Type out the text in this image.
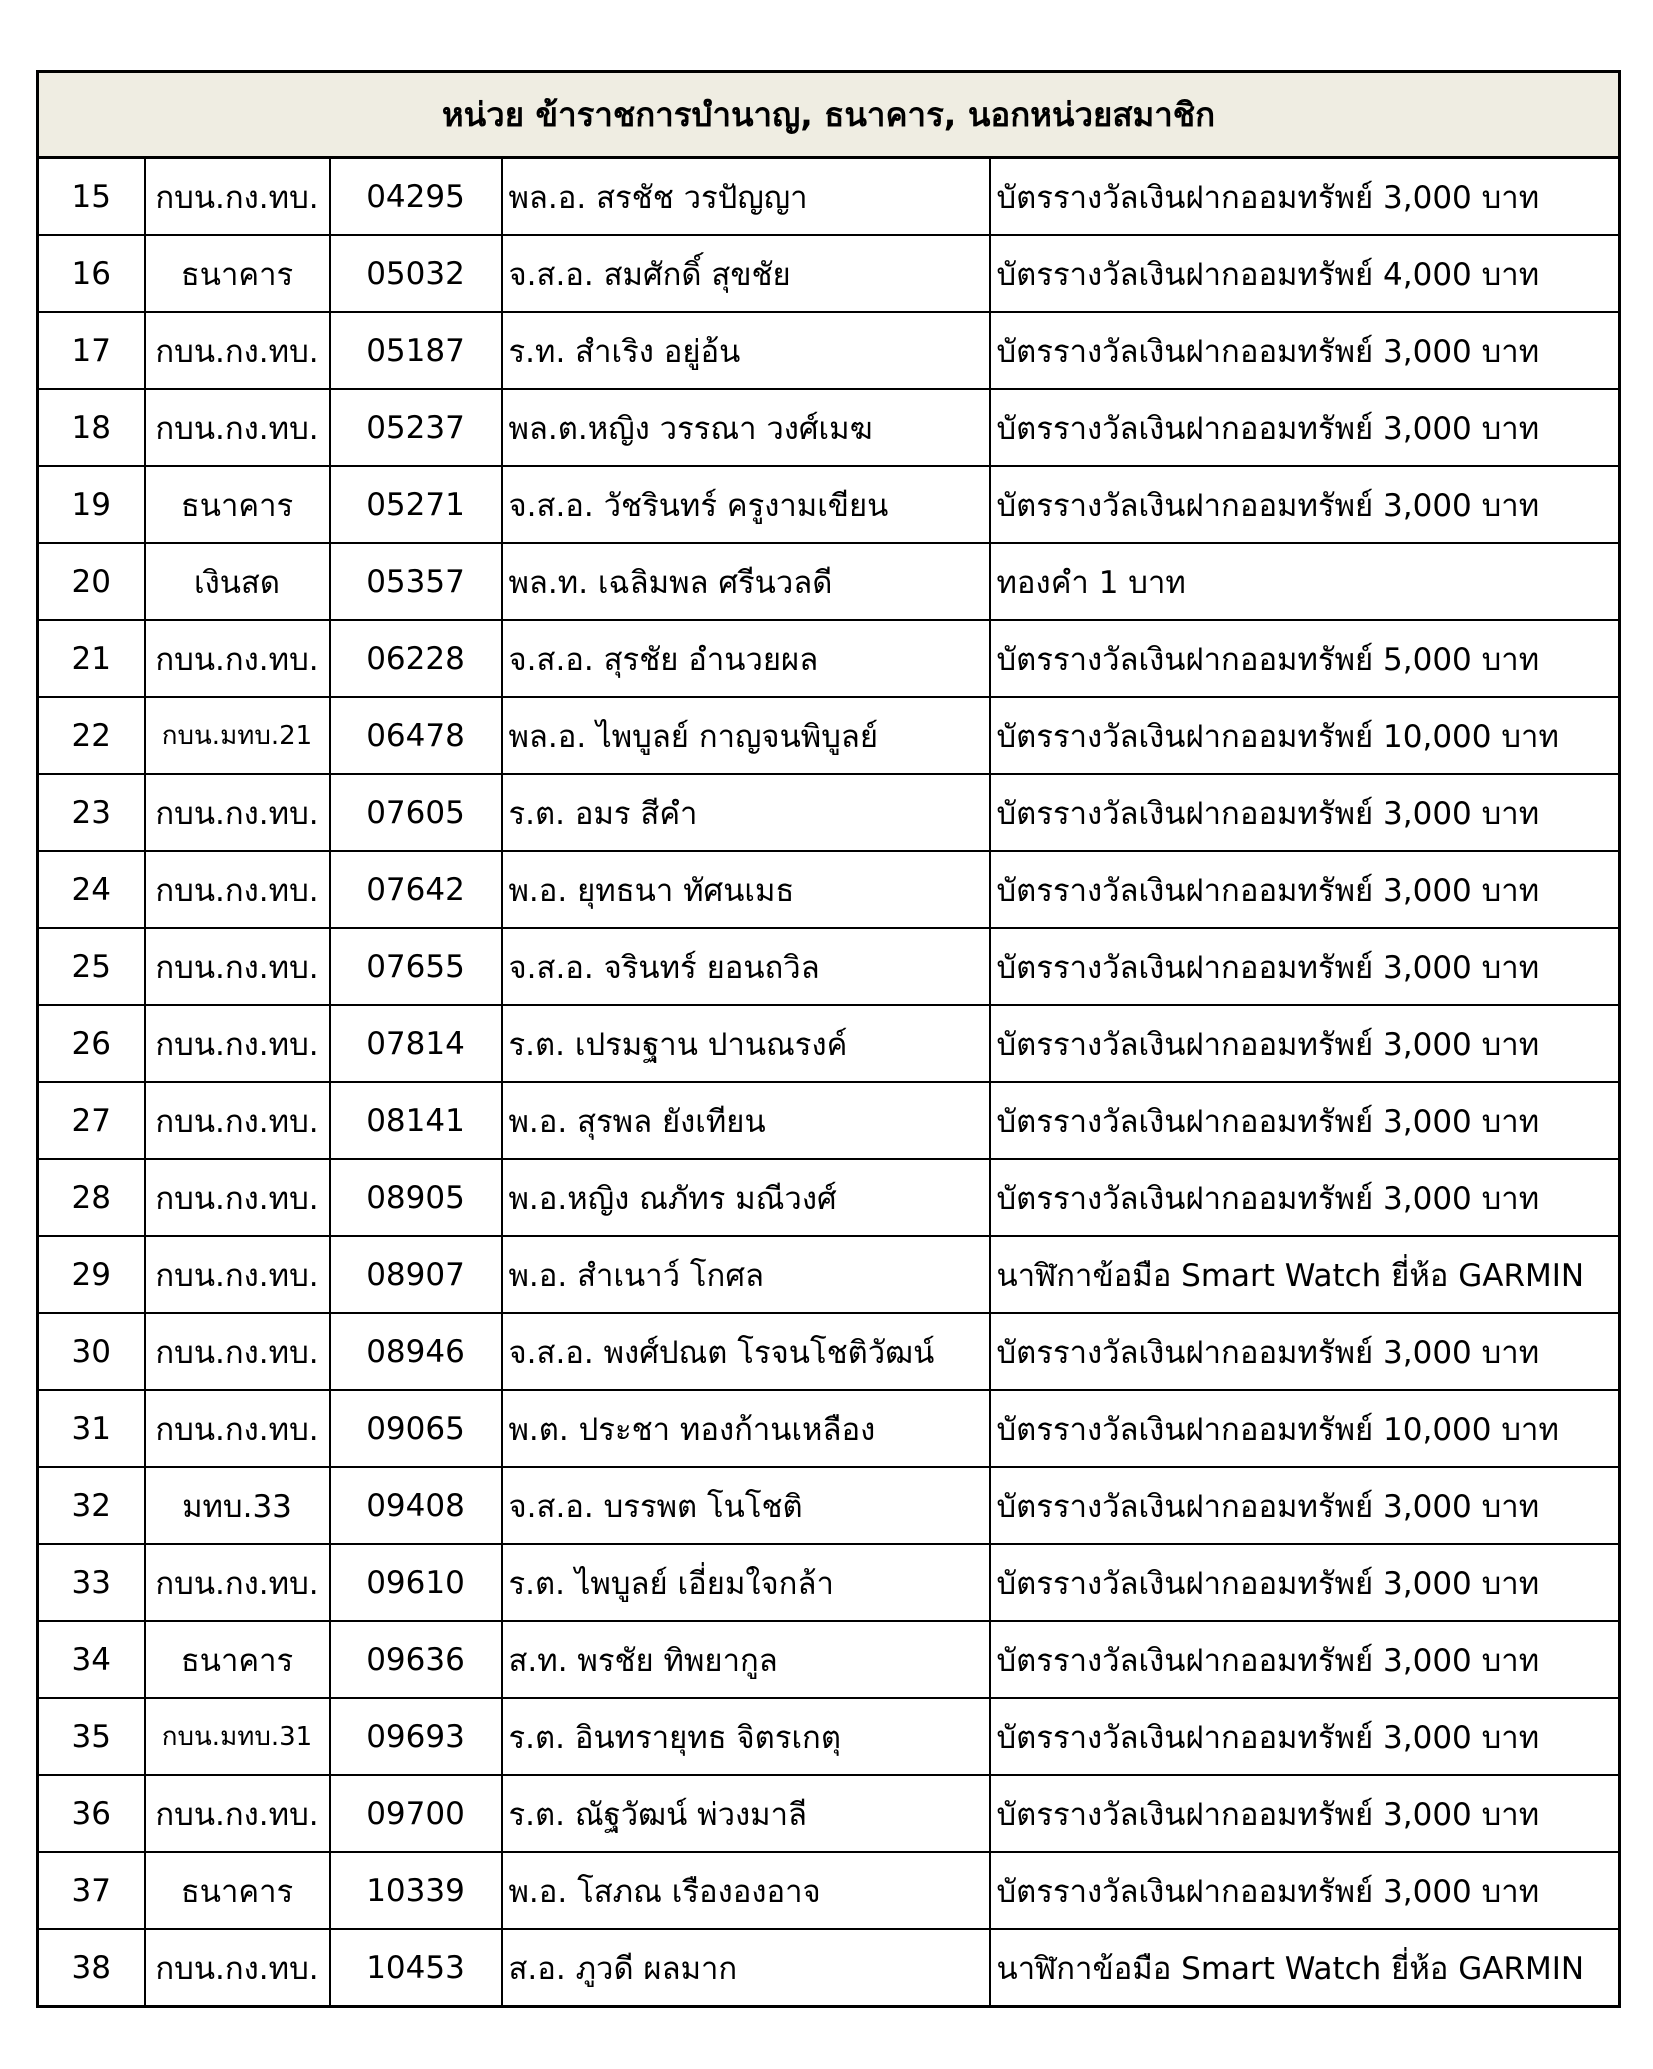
หน่วย ข้าราชการบำนาญ, ธนาคาร, นอกหน่วยสมาชิก				
15	กบน.กง.ทบ.	04295	พล.อ. สรชัช วรปัญญา	บัตรรางวัลเงินฝากออมทรัพย์ 3,000 บาท
16	ธนาคาร	05032	จ.ส.อ. สมศักดิ์ สุขชัย	บัตรรางวัลเงินฝากออมทรัพย์ 4,000 บาท
17	กบน.กง.ทบ.	05187	ร.ท. สำเริง อยู่อ้น	บัตรรางวัลเงินฝากออมทรัพย์ 3,000 บาท
18	กบน.กง.ทบ.	05237	พล.ต.หญิง วรรณา วงศ์เมฆ	บัตรรางวัลเงินฝากออมทรัพย์ 3,000 บาท
19	ธนาคาร	05271	จ.ส.อ. วัชรินทร์ ครูงามเขียน	บัตรรางวัลเงินฝากออมทรัพย์ 3,000 บาท
20	เงินสด	05357	พล.ท. เฉลิมพล ศรีนวลดี	ทองคำ 1 บาท
21	กบน.กง.ทบ.	06228	จ.ส.อ. สุรชัย อำนวยผล	บัตรรางวัลเงินฝากออมทรัพย์ 5,000 บาท
22	กบน.มทบ.21	06478	พล.อ. ไพบูลย์ กาญจนพิบูลย์	บัตรรางวัลเงินฝากออมทรัพย์ 10,000 บาท
23	กบน.กง.ทบ.	07605	ร.ต. อมร สีคำ	บัตรรางวัลเงินฝากออมทรัพย์ 3,000 บาท
24	กบน.กง.ทบ.	07642	พ.อ. ยุทธนา ทัศนเมธ	บัตรรางวัลเงินฝากออมทรัพย์ 3,000 บาท
25	กบน.กง.ทบ.	07655	จ.ส.อ. จรินทร์ ยอนถวิล	บัตรรางวัลเงินฝากออมทรัพย์ 3,000 บาท
26	กบน.กง.ทบ.	07814	ร.ต. เปรมฐาน ปานณรงค์	บัตรรางวัลเงินฝากออมทรัพย์ 3,000 บาท
27	กบน.กง.ทบ.	08141	พ.อ. สุรพล ยังเทียน	บัตรรางวัลเงินฝากออมทรัพย์ 3,000 บาท
28	กบน.กง.ทบ.	08905	พ.อ.หญิง ณภัทร มณีวงศ์	บัตรรางวัลเงินฝากออมทรัพย์ 3,000 บาท
29	กบน.กง.ทบ.	08907	พ.อ. สำเนาว์ โกศล	นาฬิกาข้อมือ Smart Watch ยี่ห้อ GARMIN
30	กบน.กง.ทบ.	08946	จ.ส.อ. พงศ์ปณต โรจนโชติวัฒน์	บัตรรางวัลเงินฝากออมทรัพย์ 3,000 บาท
31	กบน.กง.ทบ.	09065	พ.ต. ประชา ทองก้านเหลือง	บัตรรางวัลเงินฝากออมทรัพย์ 10,000 บาท
32	มทบ.33	09408	จ.ส.อ. บรรพต โนโชติ	บัตรรางวัลเงินฝากออมทรัพย์ 3,000 บาท
33	กบน.กง.ทบ.	09610	ร.ต. ไพบูลย์ เอี่ยมใจกล้า	บัตรรางวัลเงินฝากออมทรัพย์ 3,000 บาท
34	ธนาคาร	09636	ส.ท. พรชัย ทิพยากูล	บัตรรางวัลเงินฝากออมทรัพย์ 3,000 บาท
35	กบน.มทบ.31	09693	ร.ต. อินทรายุทธ จิตรเกตุ	บัตรรางวัลเงินฝากออมทรัพย์ 3,000 บาท
36	กบน.กง.ทบ.	09700	ร.ต. ณัฐวัฒน์ พ่วงมาลี	บัตรรางวัลเงินฝากออมทรัพย์ 3,000 บาท
37	ธนาคาร	10339	พ.อ. โสภณ เรืององอาจ	บัตรรางวัลเงินฝากออมทรัพย์ 3,000 บาท
38	กบน.กง.ทบ.	10453	ส.อ. ภูวดี ผลมาก	นาฬิกาข้อมือ Smart Watch ยี่ห้อ GARMIN
